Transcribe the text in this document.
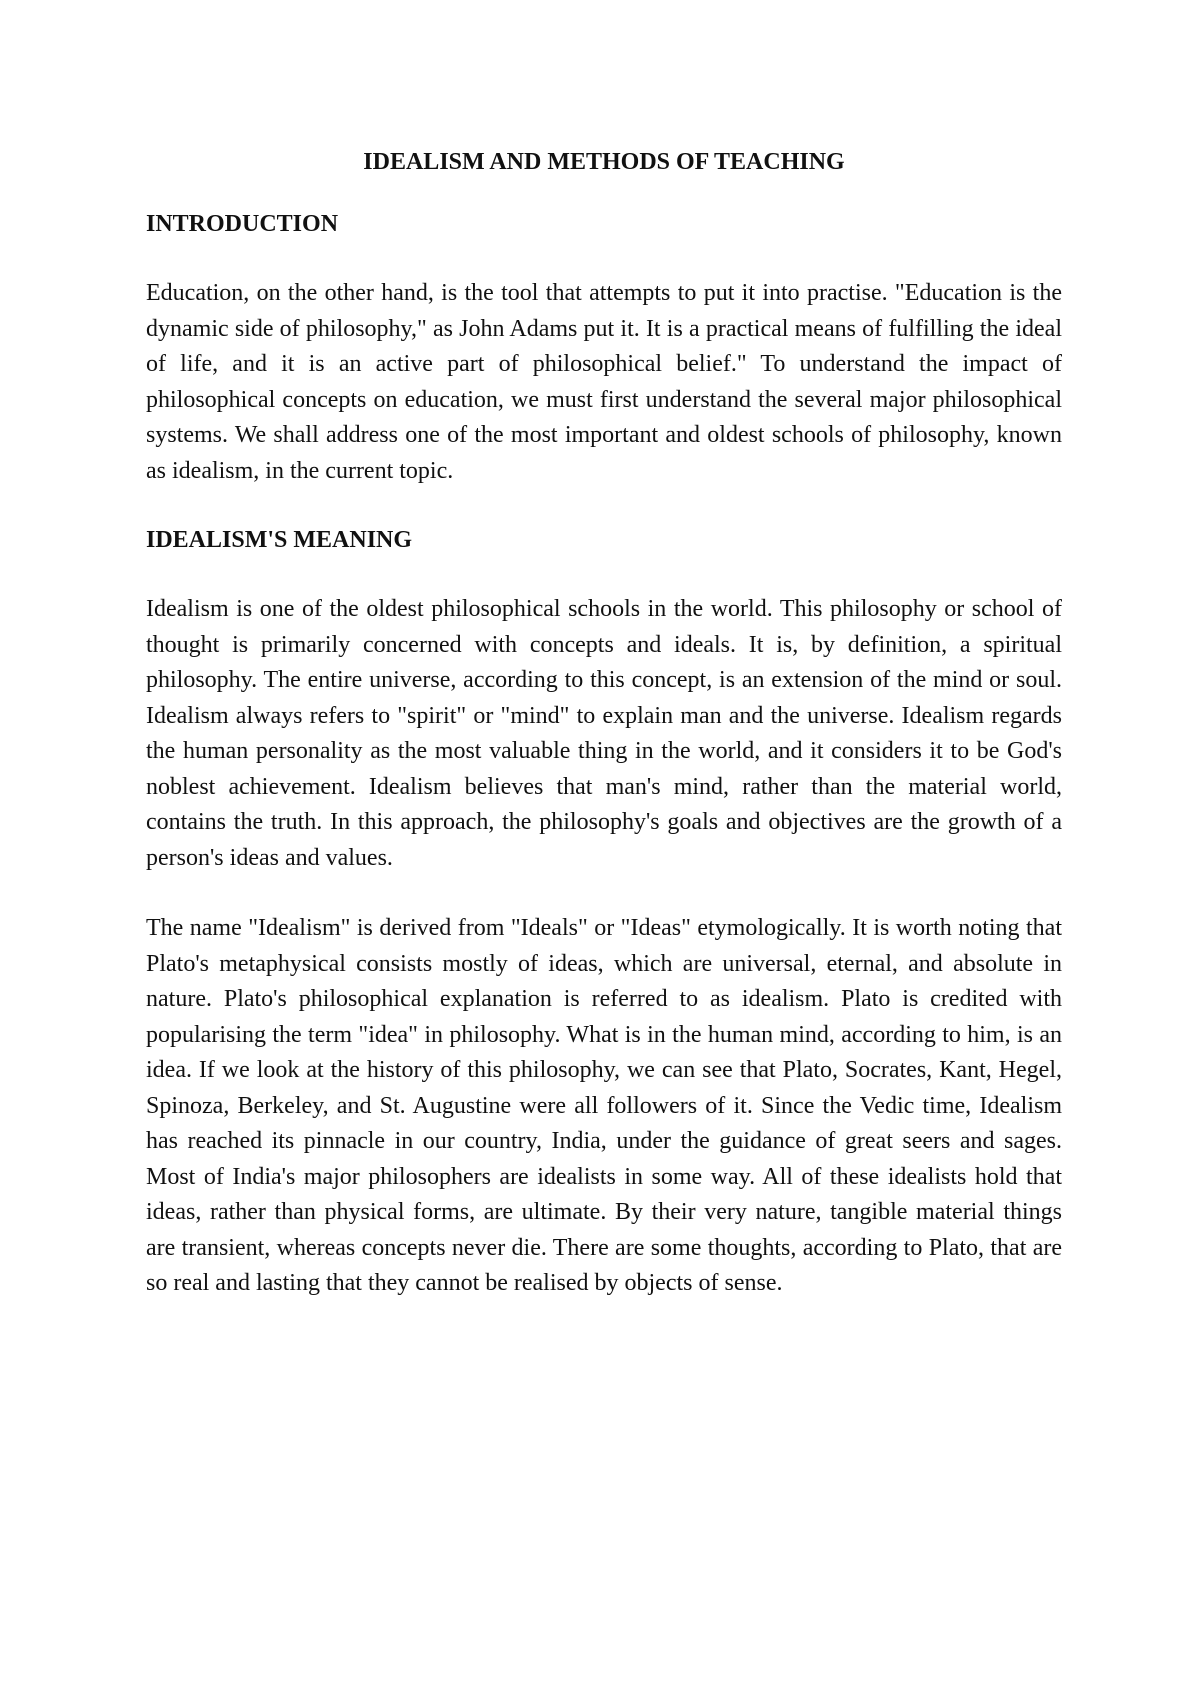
IDEALISM AND METHODS OF TEACHING
INTRODUCTION

Education, on the other hand, is the tool that attempts to put it into practise. "Education is the dynamic side of philosophy," as John Adams put it. It is a practical means of fulfilling the ideal of life, and it is an active part of philosophical belief." To understand the impact of philosophical concepts on education, we must first understand the several major philosophical systems. We shall address one of the most important and oldest schools of philosophy, known as idealism, in the current topic.

IDEALISM'S MEANING

Idealism is one of the oldest philosophical schools in the world. This philosophy or school of thought is primarily concerned with concepts and ideals. It is, by definition, a spiritual philosophy. The entire universe, according to this concept, is an extension of the mind or soul. Idealism always refers to "spirit" or "mind" to explain man and the universe. Idealism regards the human personality as the most valuable thing in the world, and it considers it to be God's noblest achievement. Idealism believes that man's mind, rather than the material world, contains the truth. In this approach, the philosophy's goals and objectives are the growth of a person's ideas and values.

The name "Idealism" is derived from "Ideals" or "Ideas" etymologically. It is worth noting that Plato's metaphysical consists mostly of ideas, which are universal, eternal, and absolute in nature. Plato's philosophical explanation is referred to as idealism. Plato is credited with popularising the term "idea" in philosophy. What is in the human mind, according to him, is an idea. If we look at the history of this philosophy, we can see that Plato, Socrates, Kant, Hegel, Spinoza, Berkeley, and St. Augustine were all followers of it. Since the Vedic time, Idealism has reached its pinnacle in our country, India, under the guidance of great seers and sages. Most of India's major philosophers are idealists in some way. All of these idealists hold that ideas, rather than physical forms, are ultimate. By their very nature, tangible material things are transient, whereas concepts never die. There are some thoughts, according to Plato, that are so real and lasting that they cannot be realised by objects of sense.
